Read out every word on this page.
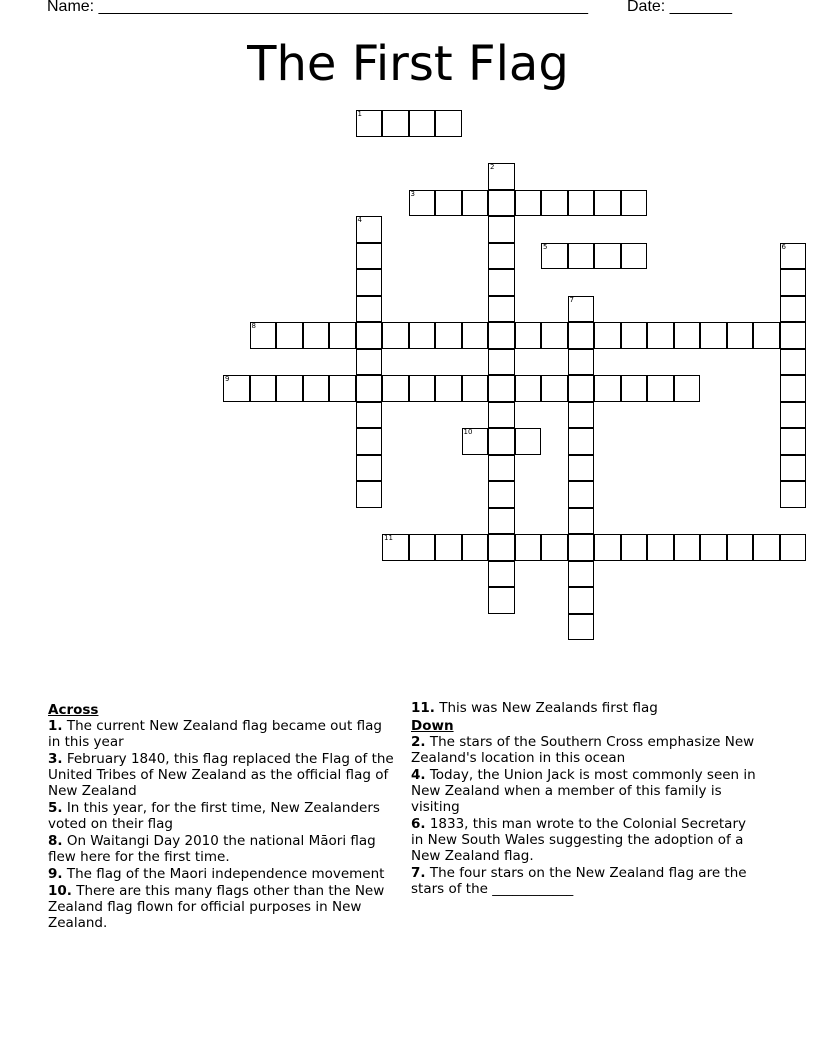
Name: _______________________________________________________ Date: _______
The First Flag
1
2
3
4
5	6
7
8
9
10
11
Across
1. The current New Zealand flag became out flag in this year
3. February 1840, this flag replaced the Flag of the United Tribes of New Zealand as the official flag of New Zealand
5. In this year, for the first time, New Zealanders voted on their flag
8. On Waitangi Day 2010 the national Māori flag flew here for the first time.
9. The flag of the Maori independence movement
10. There are this many flags other than the New Zealand flag flown for official purposes in New Zealand.
11. This was New Zealands first flag
Down
2. The stars of the Southern Cross emphasize New Zealand's location in this ocean
4. Today, the Union Jack is most commonly seen in New Zealand when a member of this family is visiting
6. 1833, this man wrote to the Colonial Secretary in New South Wales suggesting the adoption of a New Zealand flag.
7. The four stars on the New Zealand flag are the stars of the ____________
